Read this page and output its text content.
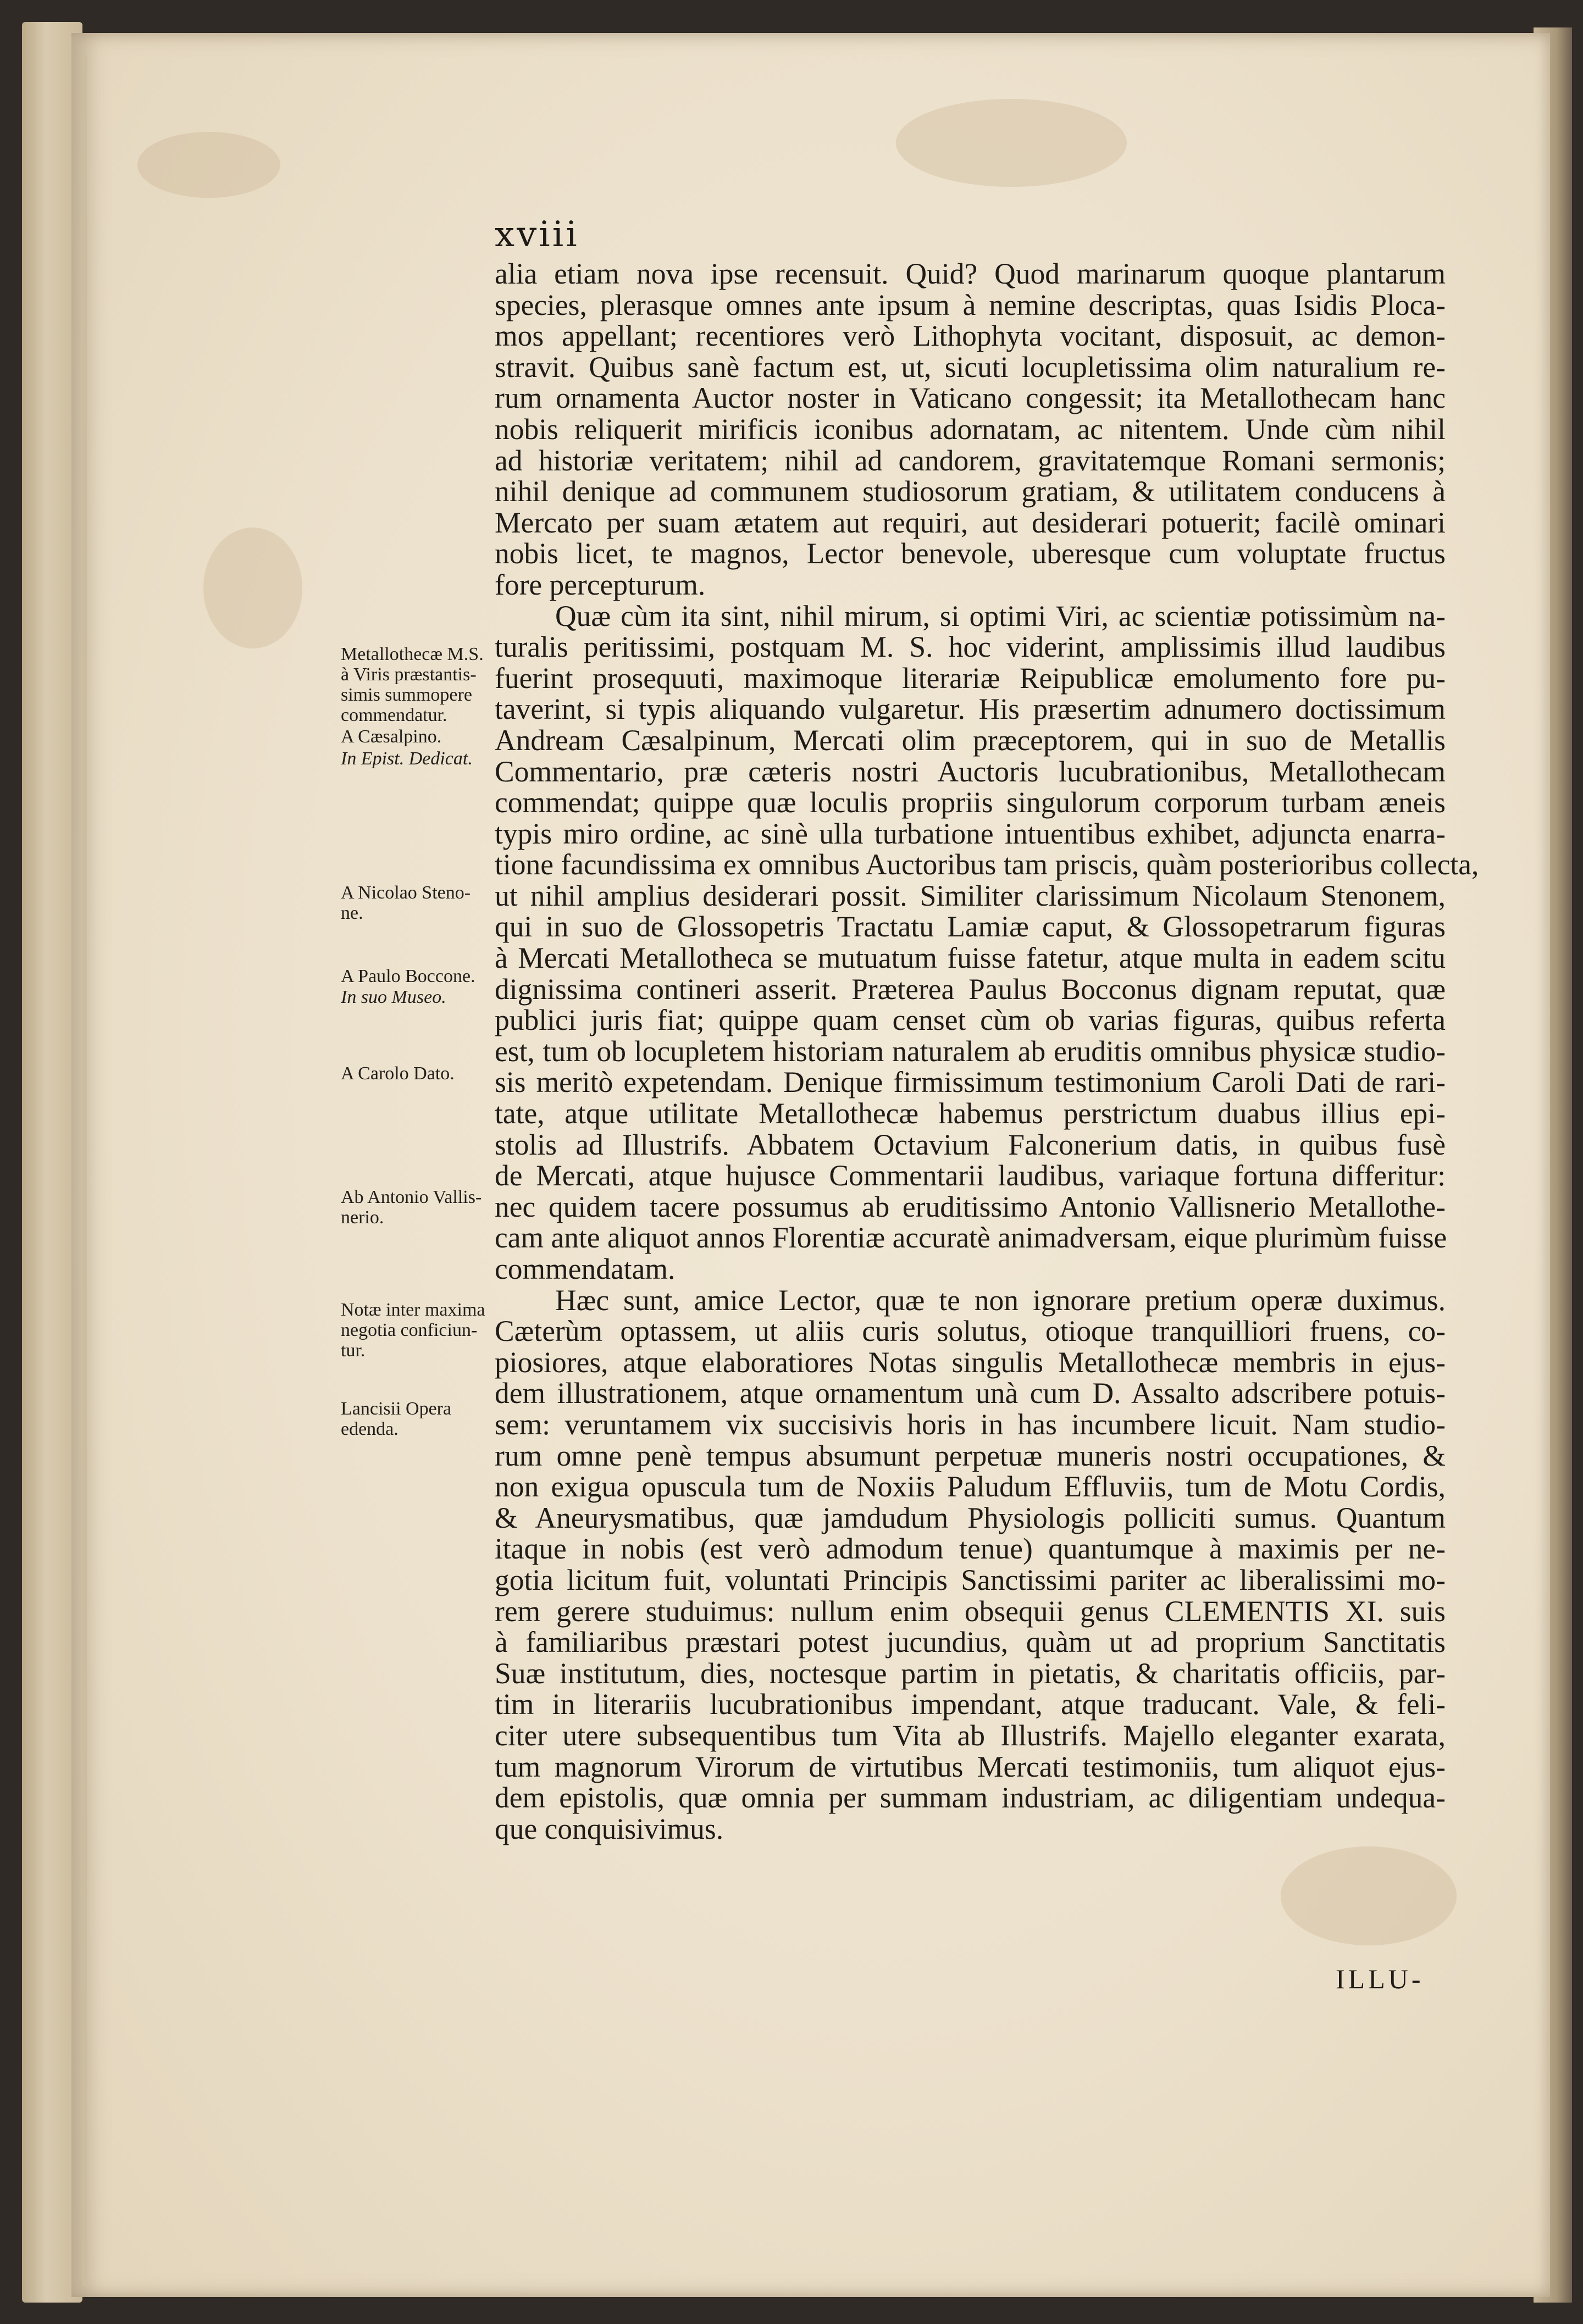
xviii
alia etiam nova ipse recensuit. Quid? Quod marinarum quoque plantarum
species, plerasque omnes ante ipsum à nemine descriptas, quas Isidis Ploca-
mos appellant; recentiores verò Lithophyta vocitant, disposuit, ac demon-
stravit. Quibus sanè factum est, ut, sicuti locupletissima olim naturalium re-
rum ornamenta Auctor noster in Vaticano congessit; ita Metallothecam hanc
nobis reliquerit mirificis iconibus adornatam, ac nitentem. Unde cùm nihil
ad historiæ veritatem; nihil ad candorem, gravitatemque Romani sermonis;
nihil denique ad communem studiosorum gratiam, & utilitatem conducens à
Mercato per suam ætatem aut requiri, aut desiderari potuerit; facilè ominari
nobis licet, te magnos, Lector benevole, uberesque cum voluptate fructus
fore percepturum.
Quæ cùm ita sint, nihil mirum, si optimi Viri, ac scientiæ potissimùm na-
turalis peritissimi, postquam M. S. hoc viderint, amplissimis illud laudibus
fuerint prosequuti, maximoque literariæ Reipublicæ emolumento fore pu-
taverint, si typis aliquando vulgaretur. His præsertim adnumero doctissimum
Andream Cæsalpinum, Mercati olim præceptorem, qui in suo de Metallis
Commentario, præ cæteris nostri Auctoris lucubrationibus, Metallothecam
commendat; quippe quæ loculis propriis singulorum corporum turbam æneis
typis miro ordine, ac sinè ulla turbatione intuentibus exhibet, adjuncta enarra-
tione facundissima ex omnibus Auctoribus tam priscis, quàm posterioribus collecta,
ut nihil amplius desiderari possit. Similiter clarissimum Nicolaum Stenonem,
qui in suo de Glossopetris Tractatu Lamiæ caput, & Glossopetrarum figuras
à Mercati Metallotheca se mutuatum fuisse fatetur, atque multa in eadem scitu
dignissima contineri asserit. Præterea Paulus Bocconus dignam reputat, quæ
publici juris fiat; quippe quam censet cùm ob varias figuras, quibus referta
est, tum ob locupletem historiam naturalem ab eruditis omnibus physicæ studio-
sis meritò expetendam. Denique firmissimum testimonium Caroli Dati de rari-
tate, atque utilitate Metallothecæ habemus perstrictum duabus illius epi-
stolis ad Illustrifs. Abbatem Octavium Falconerium datis, in quibus fusè
de Mercati, atque hujusce Commentarii laudibus, variaque fortuna differitur:
nec quidem tacere possumus ab eruditissimo Antonio Vallisnerio Metallothe-
cam ante aliquot annos Florentiæ accuratè animadversam, eique plurimùm fuisse
commendatam.
Hæc sunt, amice Lector, quæ te non ignorare pretium operæ duximus.
Cæterùm optassem, ut aliis curis solutus, otioque tranquilliori fruens, co-
piosiores, atque elaboratiores Notas singulis Metallothecæ membris in ejus-
dem illustrationem, atque ornamentum unà cum D. Assalto adscribere potuis-
sem: veruntamem vix succisivis horis in has incumbere licuit. Nam studio-
rum omne penè tempus absumunt perpetuæ muneris nostri occupationes, &
non exigua opuscula tum de Noxiis Paludum Effluviis, tum de Motu Cordis,
& Aneurysmatibus, quæ jamdudum Physiologis polliciti sumus. Quantum
itaque in nobis (est verò admodum tenue) quantumque à maximis per ne-
gotia licitum fuit, voluntati Principis Sanctissimi pariter ac liberalissimi mo-
rem gerere studuimus: nullum enim obsequii genus CLEMENTIS XI. suis
à familiaribus præstari potest jucundius, quàm ut ad proprium Sanctitatis
Suæ institutum, dies, noctesque partim in pietatis, & charitatis officiis, par-
tim in literariis lucubrationibus impendant, atque traducant. Vale, & feli-
citer utere subsequentibus tum Vita ab Illustrifs. Majello eleganter exarata,
tum magnorum Virorum de virtutibus Mercati testimoniis, tum aliquot ejus-
dem epistolis, quæ omnia per summam industriam, ac diligentiam undequa-
que conquisivimus.
Metallothecæ M.S.
à Viris præstantis-
simis summopere
commendatur.
A Cæsalpino.
In Epist. Dedicat.
A Nicolao Steno-
ne.
A Paulo Boccone.
In suo Museo.
A Carolo Dato.
Ab Antonio Vallis-
nerio.
Notæ inter maxima
negotia conficiun-
tur.
Lancisii Opera
edenda.
ILLU-
